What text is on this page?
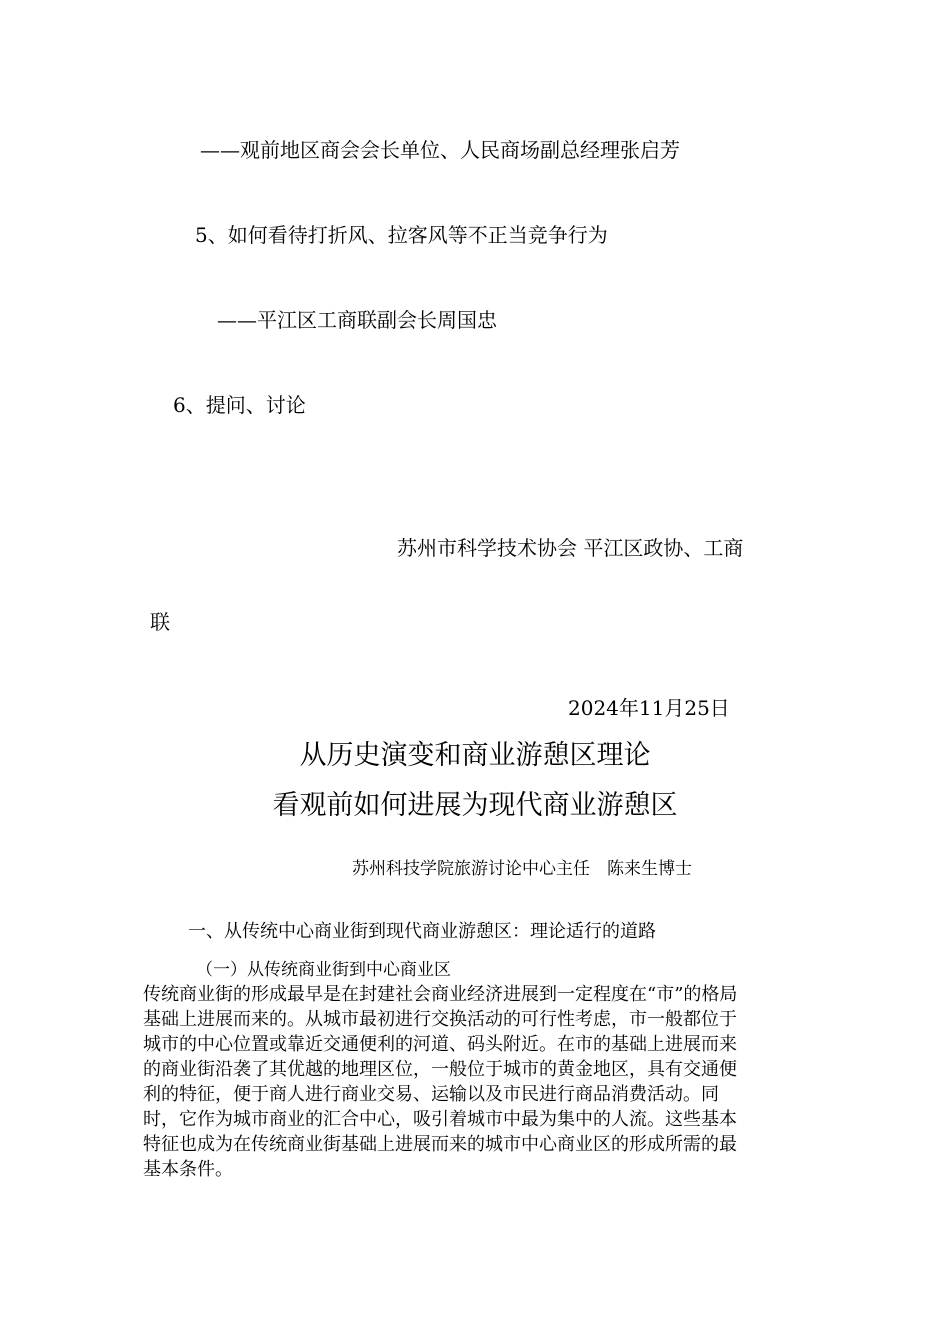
——观前地区商会会长单位、人民商场副总经理张启芳
5、如何看待打折风、拉客风等不正当竞争行为
——平江区工商联副会长周国忠
6、提问、讨论
苏州市科学技术协会 平江区政协、工商
联
2024年11月25日
从历史演变和商业游憩区理论
看观前如何进展为现代商业游憩区
苏州科技学院旅游讨论中心主任　陈来生博士
一、从传统中心商业街到现代商业游憩区：理论适行的道路
（一）从传统商业街到中心商业区
传统商业街的形成最早是在封建社会商业经济进展到一定程度在“市”的格局
基础上进展而来的。从城市最初进行交换活动的可行性考虑，市一般都位于
城市的中心位置或靠近交通便利的河道、码头附近。在市的基础上进展而来
的商业街沿袭了其优越的地理区位，一般位于城市的黄金地区，具有交通便
利的特征，便于商人进行商业交易、运输以及市民进行商品消费活动。同
时，它作为城市商业的汇合中心，吸引着城市中最为集中的人流。这些基本
特征也成为在传统商业街基础上进展而来的城市中心商业区的形成所需的最
基本条件。
